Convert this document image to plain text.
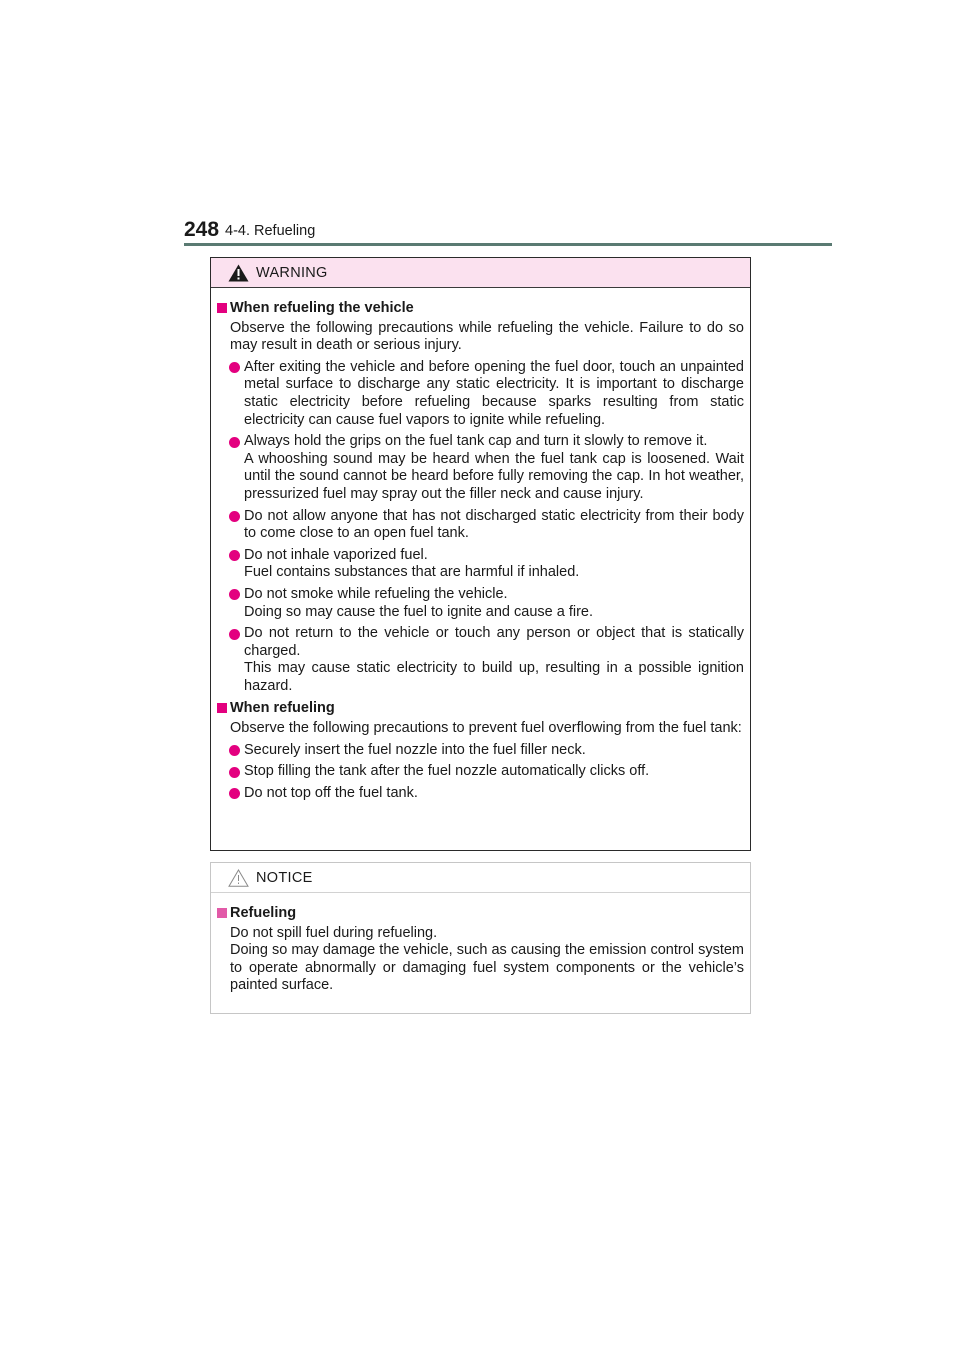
248 4-4. Refueling
WARNING
When refueling the vehicle
Observe the following precautions while refueling the vehicle. Failure to do so may result in death or serious injury.
After exiting the vehicle and before opening the fuel door, touch an unpainted metal surface to discharge any static electricity. It is important to discharge static electricity before refueling because sparks resulting from static electricity can cause fuel vapors to ignite while refueling.
Always hold the grips on the fuel tank cap and turn it slowly to remove it.
A whooshing sound may be heard when the fuel tank cap is loosened. Wait until the sound cannot be heard before fully removing the cap. In hot weather, pressurized fuel may spray out the filler neck and cause injury.
Do not allow anyone that has not discharged static electricity from their body to come close to an open fuel tank.
Do not inhale vaporized fuel.
Fuel contains substances that are harmful if inhaled.
Do not smoke while refueling the vehicle.
Doing so may cause the fuel to ignite and cause a fire.
Do not return to the vehicle or touch any person or object that is statically charged.
This may cause static electricity to build up, resulting in a possible ignition hazard.
When refueling
Observe the following precautions to prevent fuel overflowing from the fuel tank:
Securely insert the fuel nozzle into the fuel filler neck.
Stop filling the tank after the fuel nozzle automatically clicks off.
Do not top off the fuel tank.
NOTICE
Refueling
Do not spill fuel during refueling.
Doing so may damage the vehicle, such as causing the emission control system to operate abnormally or damaging fuel system components or the vehicle’s painted surface.
